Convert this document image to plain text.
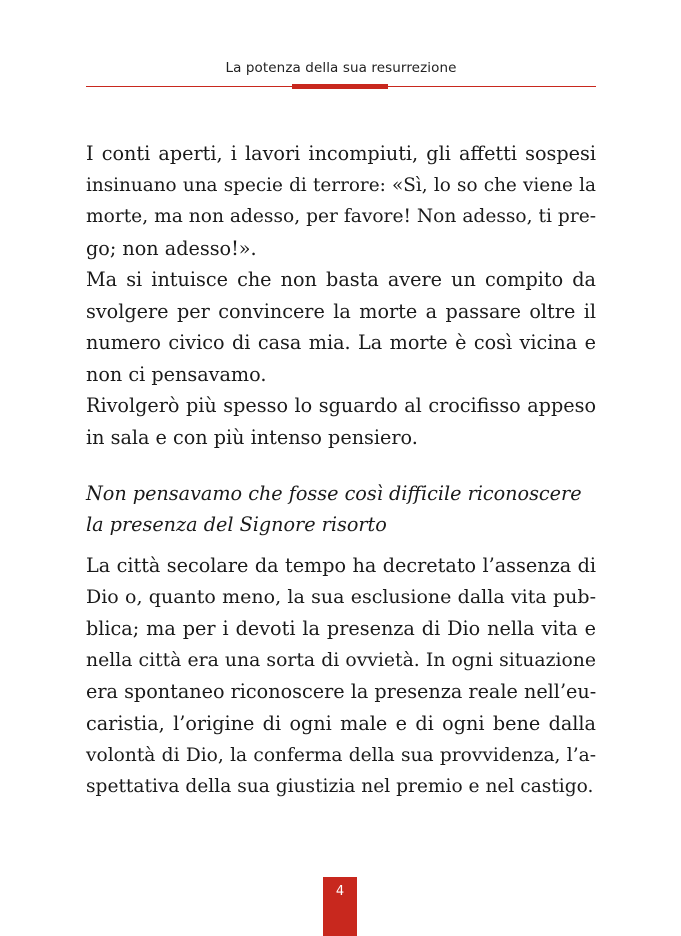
La potenza della sua resurrezione
I conti aperti, i lavori incompiuti, gli affetti sospesi
insinuano una specie di terrore: «Sì, lo so che viene la
morte, ma non adesso, per favore! Non adesso, ti pre-
go; non adesso!».
Ma si intuisce che non basta avere un compito da
svolgere per convincere la morte a passare oltre il
numero civico di casa mia. La morte è così vicina e
non ci pensavamo.
Rivolgerò più spesso lo sguardo al crocifisso appeso
in sala e con più intenso pensiero.
Non pensavamo che fosse così difficile riconoscere
la presenza del Signore risorto
La città secolare da tempo ha decretato l’assenza di
Dio o, quanto meno, la sua esclusione dalla vita pub-
blica; ma per i devoti la presenza di Dio nella vita e
nella città era una sorta di ovvietà. In ogni situazione
era spontaneo riconoscere la presenza reale nell’eu-
caristia, l’origine di ogni male e di ogni bene dalla
volontà di Dio, la conferma della sua provvidenza, l’a-
spettativa della sua giustizia nel premio e nel castigo.
4
